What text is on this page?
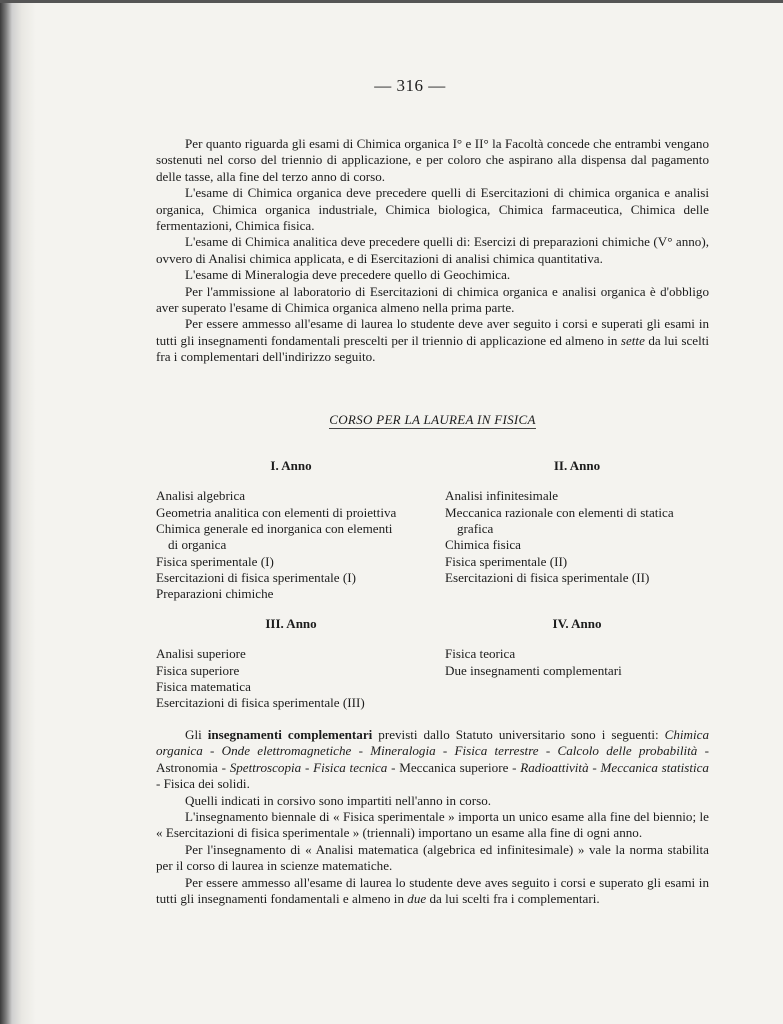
— 316 —

Per quanto riguarda gli esami di Chimica organica I° e II° la Facoltà concede che entrambi vengano sostenuti nel corso del triennio di applicazione, e per coloro che aspirano alla dispensa dal pagamento delle tasse, alla fine del terzo anno di corso.

L'esame di Chimica organica deve precedere quelli di Esercitazioni di chimica organica e analisi organica, Chimica organica industriale, Chimica biologica, Chimica farmaceutica, Chimica delle fermentazioni, Chimica fisica.

L'esame di Chimica analitica deve precedere quelli di: Esercizi di preparazioni chimiche (V° anno), ovvero di Analisi chimica applicata, e di Esercitazioni di analisi chimica quantitativa.

L'esame di Mineralogia deve precedere quello di Geochimica.

Per l'ammissione al laboratorio di Esercitazioni di chimica organica e analisi organica è d'obbligo aver superato l'esame di Chimica organica almeno nella prima parte.

Per essere ammesso all'esame di laurea lo studente deve aver seguito i corsi e superati gli esami in tutti gli insegnamenti fondamentali prescelti per il triennio di applicazione ed almeno in sette da lui scelti fra i complementari dell'indirizzo seguito.

CORSO PER LA LAUREA IN FISICA
I. Anno
Analisi algebrica
Geometria analitica con elementi di proiettiva
Chimica generale ed inorganica con elementi
di organica
Fisica sperimentale (I)
Esercitazioni di fisica sperimentale (I)
Preparazioni chimiche
II. Anno
Analisi infinitesimale
Meccanica razionale con elementi di statica
grafica
Chimica fisica
Fisica sperimentale (II)
Esercitazioni di fisica sperimentale (II)
III. Anno
Analisi superiore
Fisica superiore
Fisica matematica
Esercitazioni di fisica sperimentale (III)
IV. Anno
Fisica teorica
Due insegnamenti complementari

Gli insegnamenti complementari previsti dallo Statuto universitario sono i seguenti: Chimica organica - Onde elettromagnetiche - Mineralogia - Fisica terrestre - Calcolo delle probabilità - Astronomia - Spettroscopia - Fisica tecnica - Meccanica superiore - Radioattività - Meccanica statistica - Fisica dei solidi.

Quelli indicati in corsivo sono impartiti nell'anno in corso.

L'insegnamento biennale di « Fisica sperimentale » importa un unico esame alla fine del biennio; le « Esercitazioni di fisica sperimentale » (triennali) importano un esame alla fine di ogni anno.

Per l'insegnamento di « Analisi matematica (algebrica ed infinitesimale) » vale la norma stabilita per il corso di laurea in scienze matematiche.

Per essere ammesso all'esame di laurea lo studente deve aves seguito i corsi e superato gli esami in tutti gli insegnamenti fondamentali e almeno in due da lui scelti fra i complementari.
